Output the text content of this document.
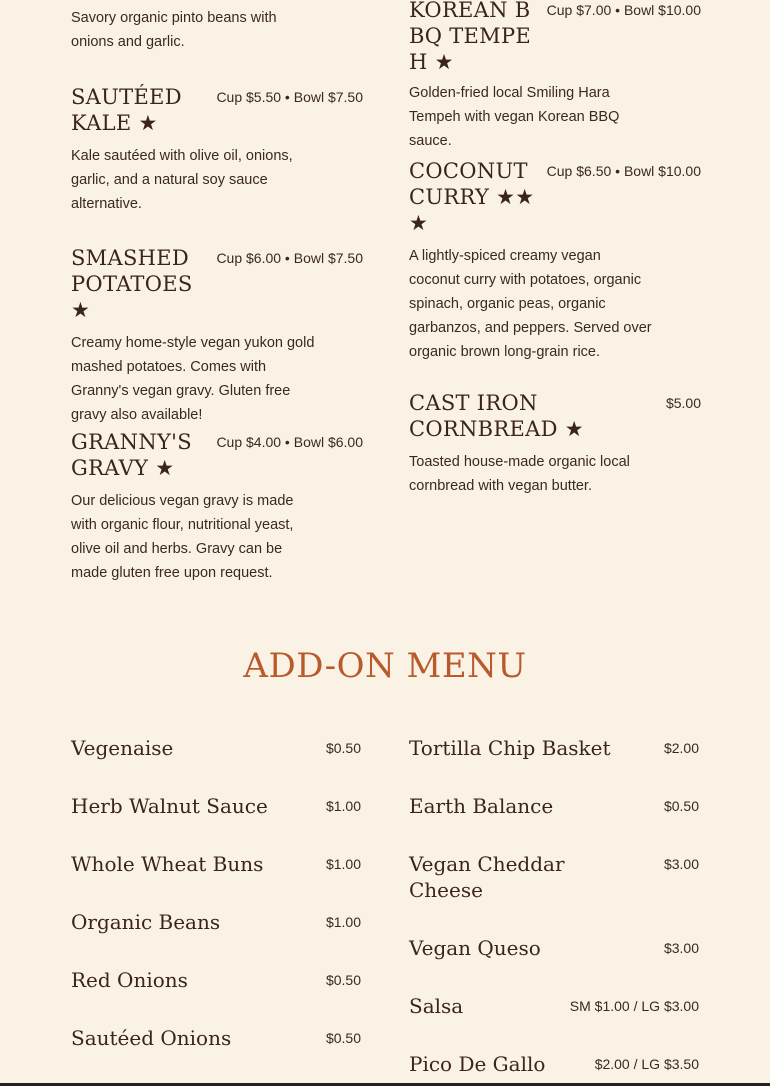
Savory organic pinto beans with onions and garlic.
SAUTÉED KALE ★
Cup $5.50 • Bowl $7.50
Kale sautéed with olive oil, onions, garlic, and a natural soy sauce alternative.
SMASHED POTATOES ★
Cup $6.00 • Bowl $7.50
Creamy home-style vegan yukon gold mashed potatoes. Comes with Granny's vegan gravy. Gluten free gravy also available!
GRANNY'S GRAVY ★
Cup $4.00 • Bowl $6.00
Our delicious vegan gravy is made with organic flour, nutritional yeast, olive oil and herbs. Gravy can be made gluten free upon request.
KOREAN BBQ TEMPEH ★
Cup $7.00 • Bowl $10.00
Golden-fried local Smiling Hara Tempeh with vegan Korean BBQ sauce.
COCONUT CURRY ★★★
Cup $6.50 • Bowl $10.00
A lightly-spiced creamy vegan coconut curry with potatoes, organic spinach, organic peas, organic garbanzos, and peppers. Served over organic brown long-grain rice.
CAST IRON CORNBREAD ★
$5.00
Toasted house-made organic local cornbread with vegan butter.
ADD-ON MENU
Vegenaise	$0.50
Herb Walnut Sauce	$1.00
Whole Wheat Buns	$1.00
Organic Beans	$1.00
Red Onions	$0.50
Sautéed Onions	$0.50
Tortilla Chip Basket	$2.00
Earth Balance	$0.50
Vegan Cheddar Cheese
$3.00
Vegan Queso	$3.00
Salsa	SM $1.00 / LG $3.00
Pico De Gallo	$2.00 / LG $3.50
